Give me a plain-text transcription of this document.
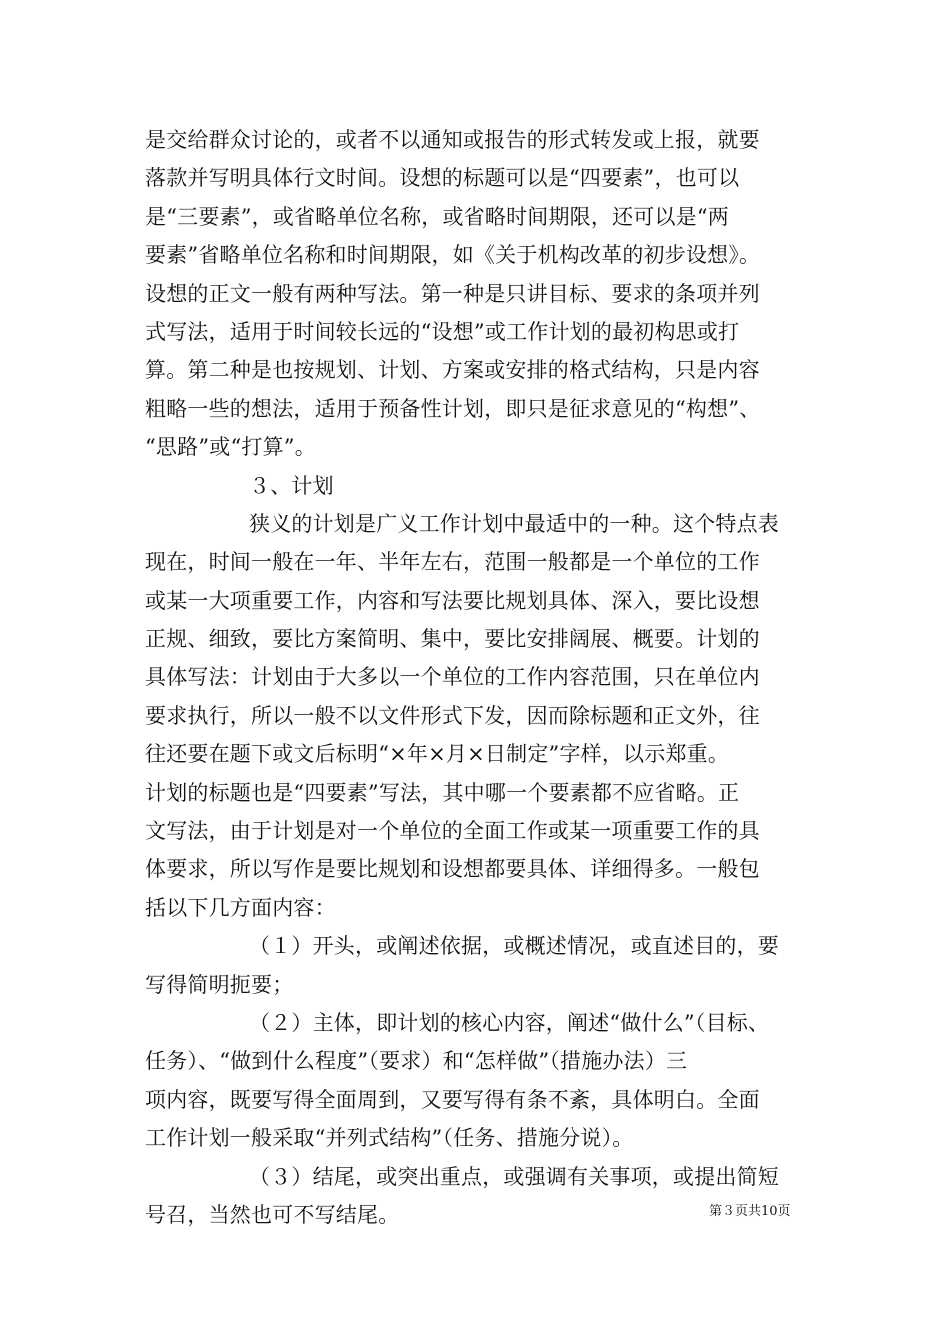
是交给群众讨论的，或者不以通知或报告的形式转发或上报，就要
落款并写明具体行文时间。设想的标题可以是“四要素”，也可以
是“三要素”，或省略单位名称，或省略时间期限，还可以是“两
要素”省略单位名称和时间期限，如《关于机构改革的初步设想》。
设想的正文一般有两种写法。第一种是只讲目标、要求的条项并列
式写法，适用于时间较长远的“设想”或工作计划的最初构思或打
算。第二种是也按规划、计划、方案或安排的格式结构，只是内容
粗略一些的想法，适用于预备性计划，即只是征求意见的“构想”、
“思路”或“打算”。
３、计划
狭义的计划是广义工作计划中最适中的一种。这个特点表
现在，时间一般在一年、半年左右，范围一般都是一个单位的工作
或某一大项重要工作，内容和写法要比规划具体、深入，要比设想
正规、细致，要比方案简明、集中，要比安排阔展、概要。计划的
具体写法：计划由于大多以一个单位的工作内容范围，只在单位内
要求执行，所以一般不以文件形式下发，因而除标题和正文外，往
往还要在题下或文后标明“×年×月×日制定”字样，以示郑重。
计划的标题也是“四要素”写法，其中哪一个要素都不应省略。正
文写法，由于计划是对一个单位的全面工作或某一项重要工作的具
体要求，所以写作是要比规划和设想都要具体、详细得多。一般包
括以下几方面内容：
（１）开头，或阐述依据，或概述情况，或直述目的，要
写得简明扼要；
（２）主体，即计划的核心内容，阐述“做什么”（目标、
任务）、“做到什么程度”（要求）和“怎样做”（措施办法）三
项内容，既要写得全面周到，又要写得有条不紊，具体明白。全面
工作计划一般采取“并列式结构”（任务、措施分说）。
（３）结尾，或突出重点，或强调有关事项，或提出简短
号召，当然也可不写结尾。	第３页共10页
